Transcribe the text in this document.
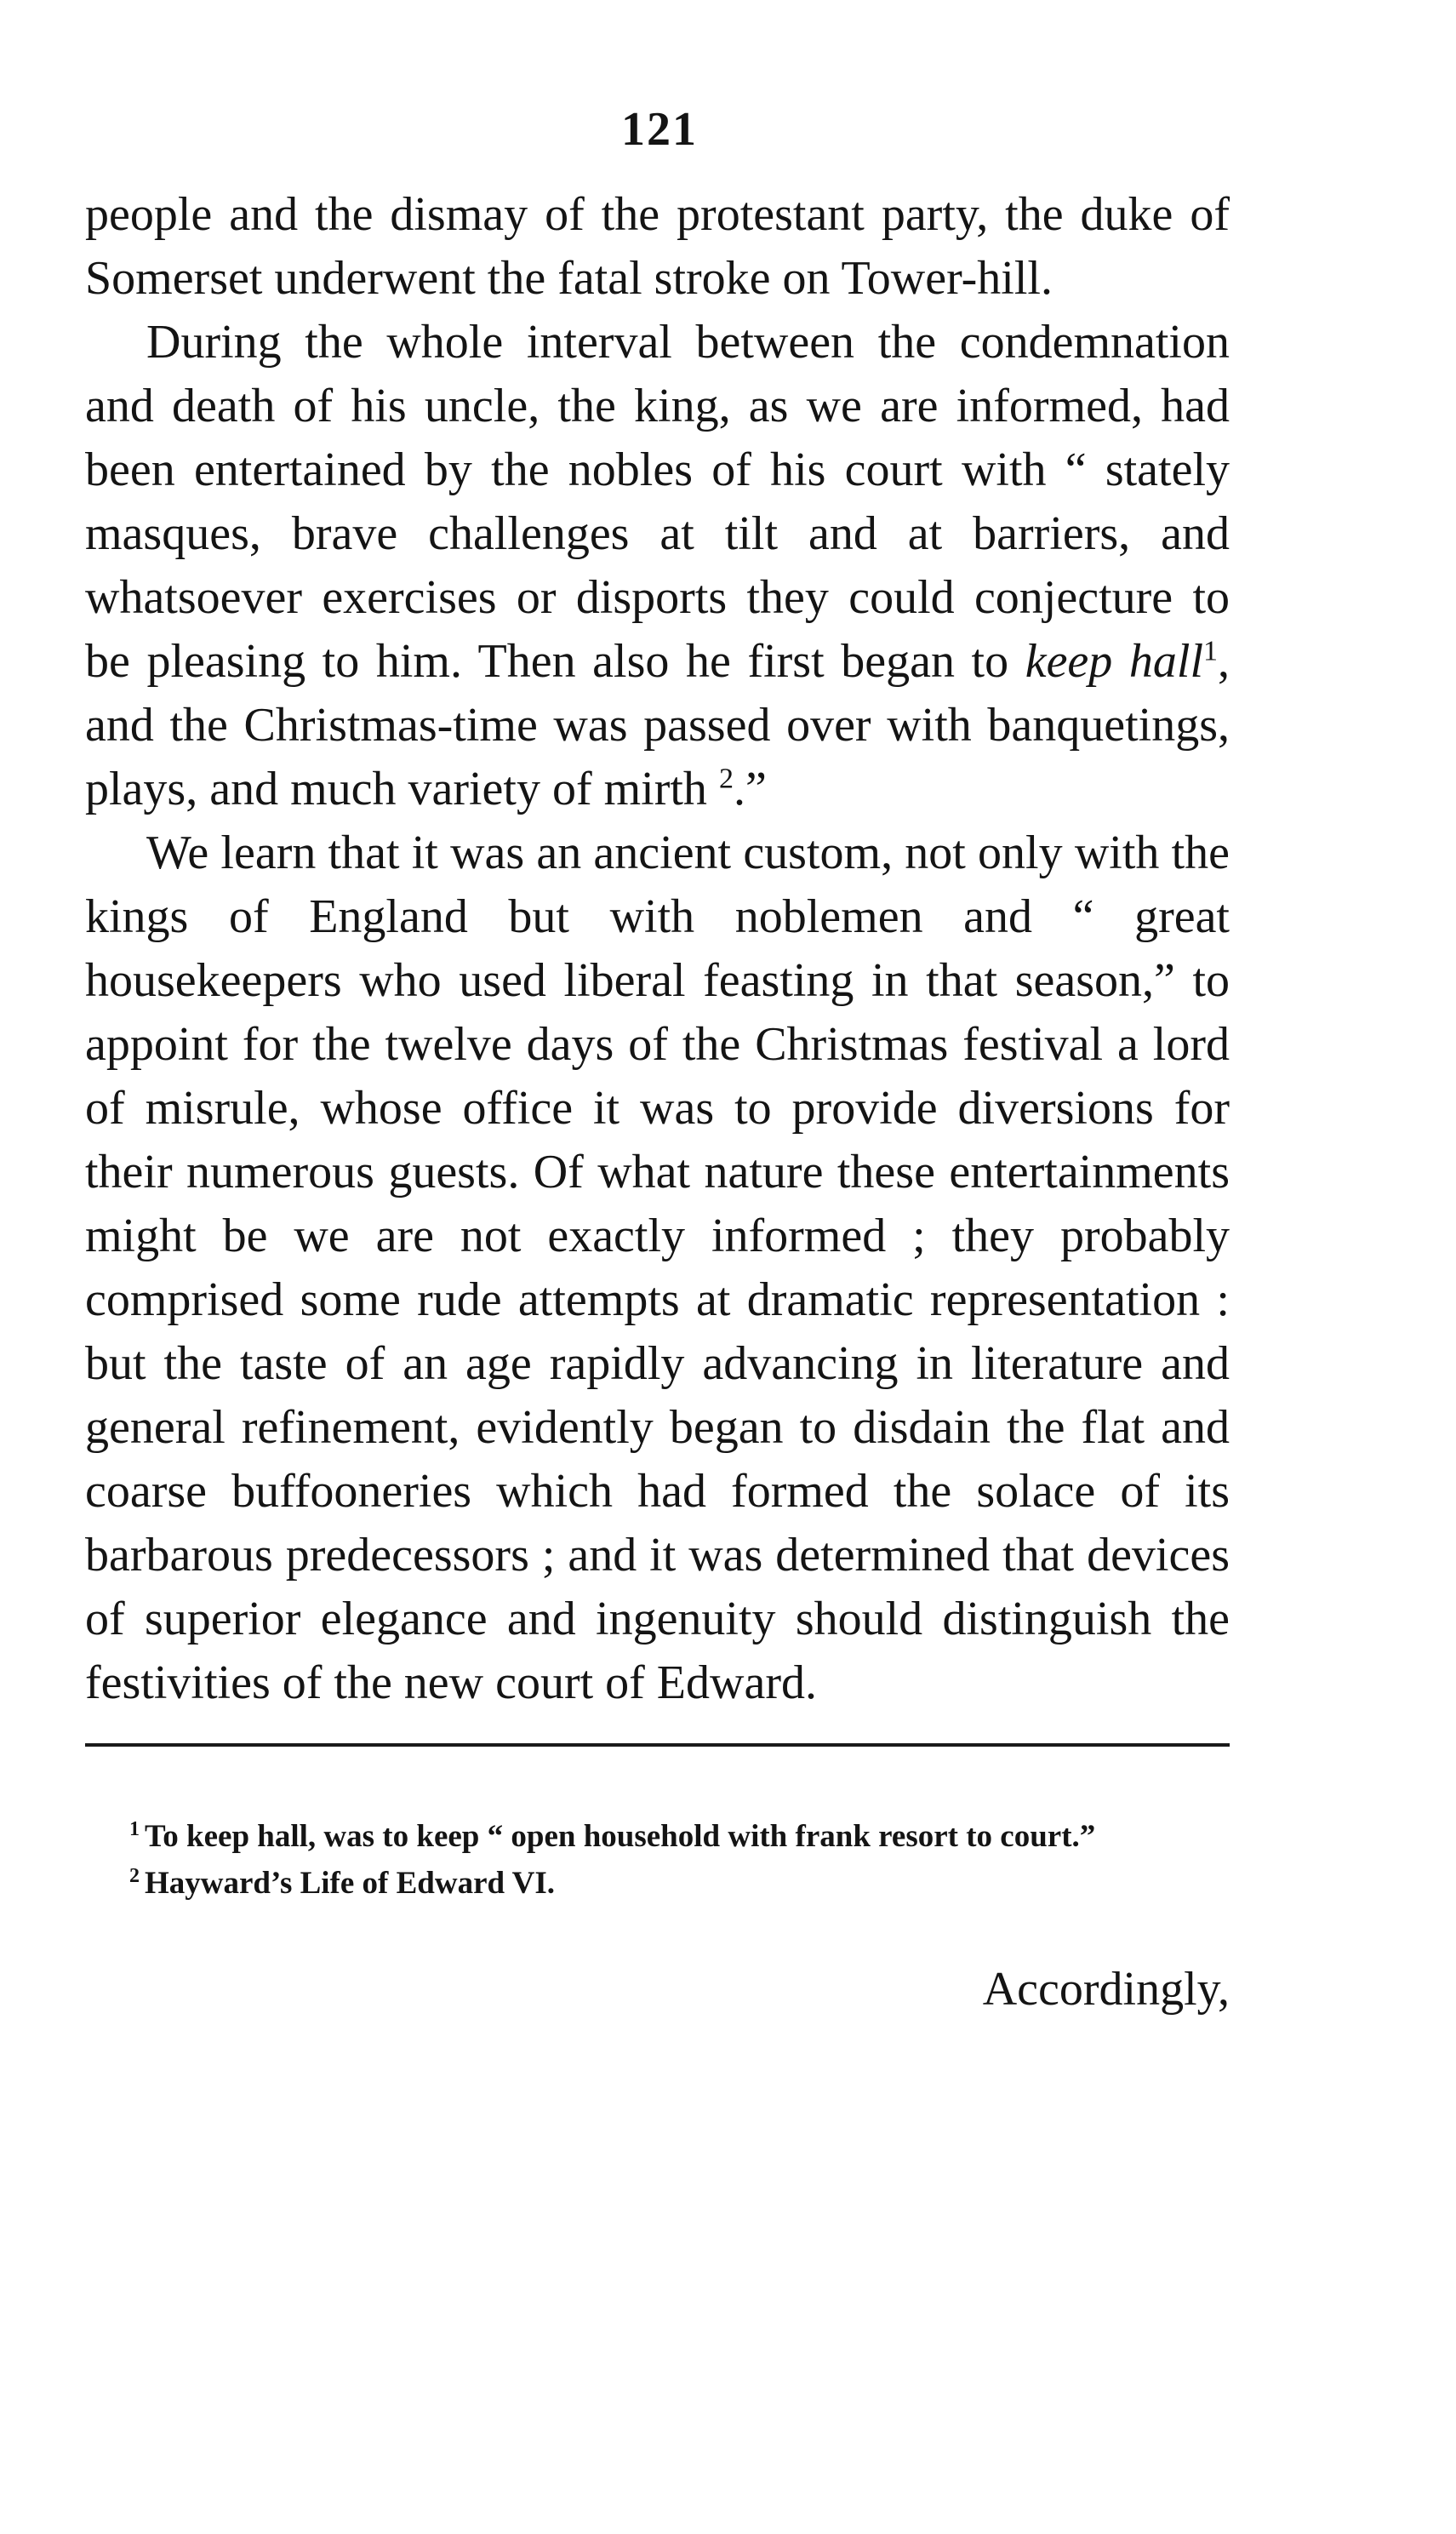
121

people and the dismay of the protestant party, the duke of Somerset underwent the fatal stroke on Tower-hill.

During the whole interval between the condemnation and death of his uncle, the king, as we are informed, had been entertained by the nobles of his court with “ stately masques, brave challenges at tilt and at barriers, and whatsoever exercises or disports they could conjecture to be pleasing to him. Then also he first began to keep hall$^1$, and the Christmas-time was passed over with banquetings, plays, and much variety of mirth $^2$.”

We learn that it was an ancient custom, not only with the kings of England but with noblemen and “ great housekeepers who used liberal feasting in that season,” to appoint for the twelve days of the Christmas festival a lord of misrule, whose office it was to provide diversions for their numerous guests. Of what nature these entertainments might be we are not exactly informed ; they probably comprised some rude attempts at dramatic representation : but the taste of an age rapidly advancing in literature and general refinement, evidently began to disdain the flat and coarse buffooneries which had formed the solace of its barbarous predecessors ; and it was determined that devices of superior elegance and ingenuity should distinguish the festivities of the new court of Edward.

$^1$ To keep hall, was to keep “ open household with frank resort to court.”

$^2$ Hayward’s Life of Edward VI.

Accordingly,
